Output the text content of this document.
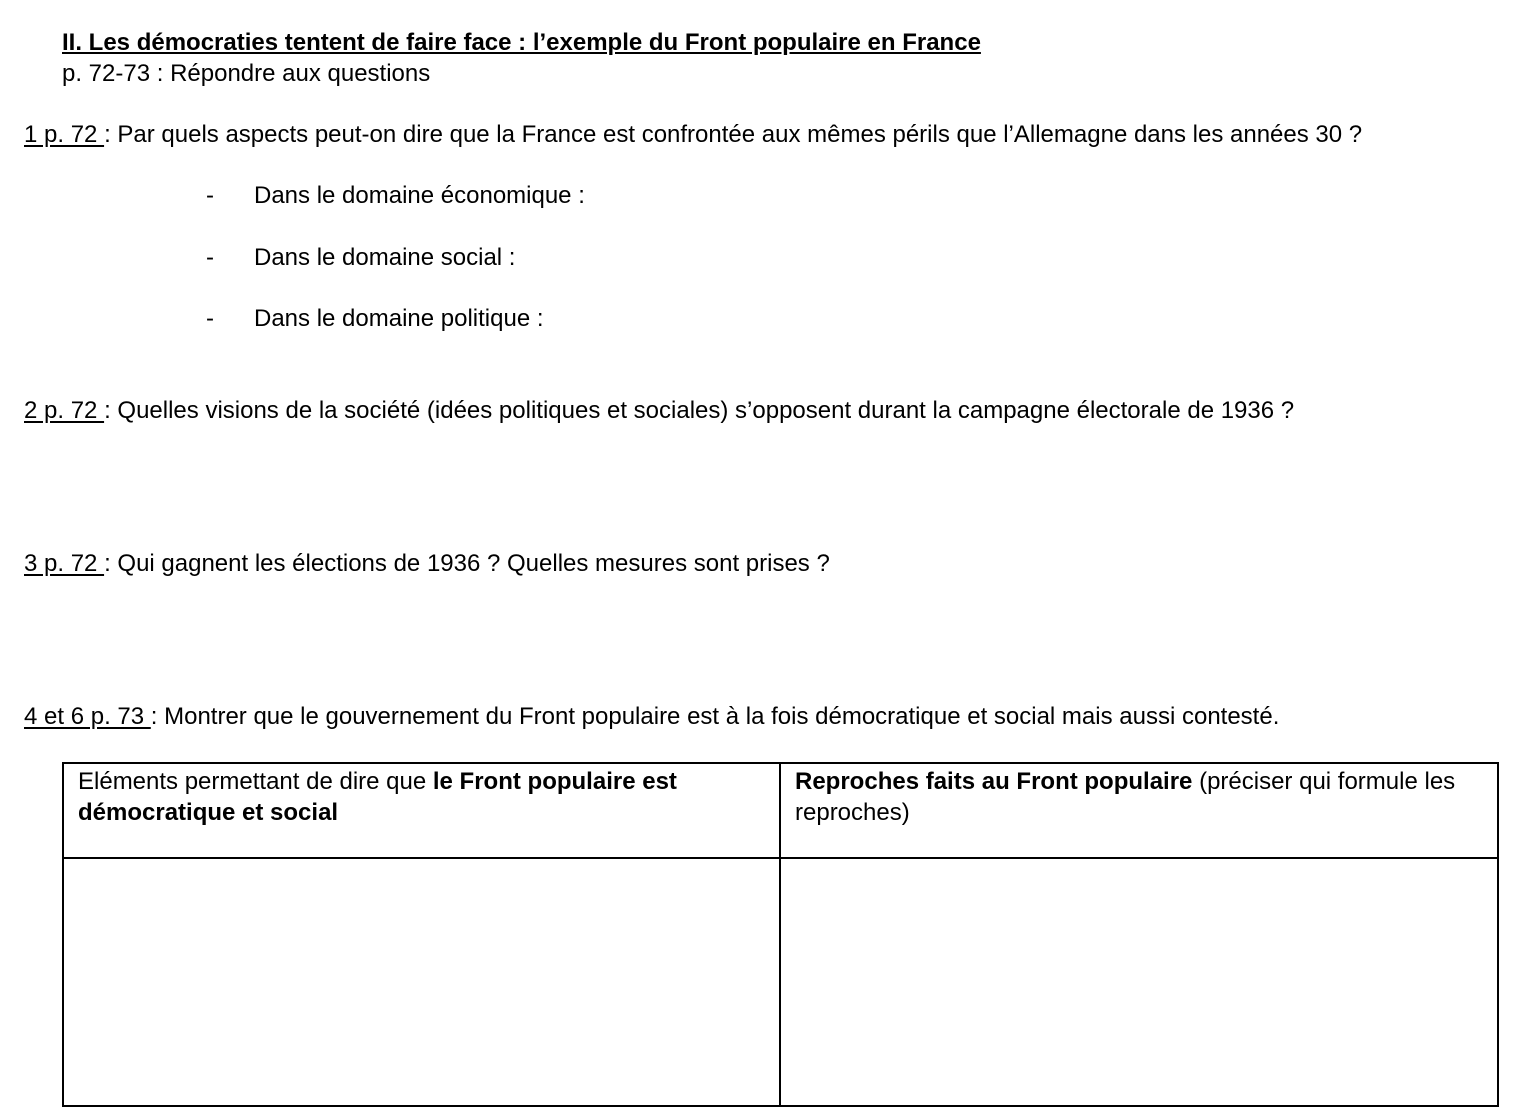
II. Les démocraties tentent de faire face : l’exemple du Front populaire en France
p. 72-73 : Répondre aux questions
1 p. 72 : Par quels aspects peut-on dire que la France est confrontée aux mêmes périls que l’Allemagne dans les années 30 ?
- Dans le domaine économique :
- Dans le domaine social :
- Dans le domaine politique :
2 p. 72 : Quelles visions de la société (idées politiques et sociales) s’opposent durant la campagne électorale de 1936 ?
3 p. 72 : Qui gagnent les élections de 1936 ? Quelles mesures sont prises ?
4 et 6 p. 73 : Montrer que le gouvernement du Front populaire est à la fois démocratique et social mais aussi contesté.
Eléments permettant de dire que le Front populaire est démocratique et social	Reproches faits au Front populaire (préciser qui formule les reproches)
